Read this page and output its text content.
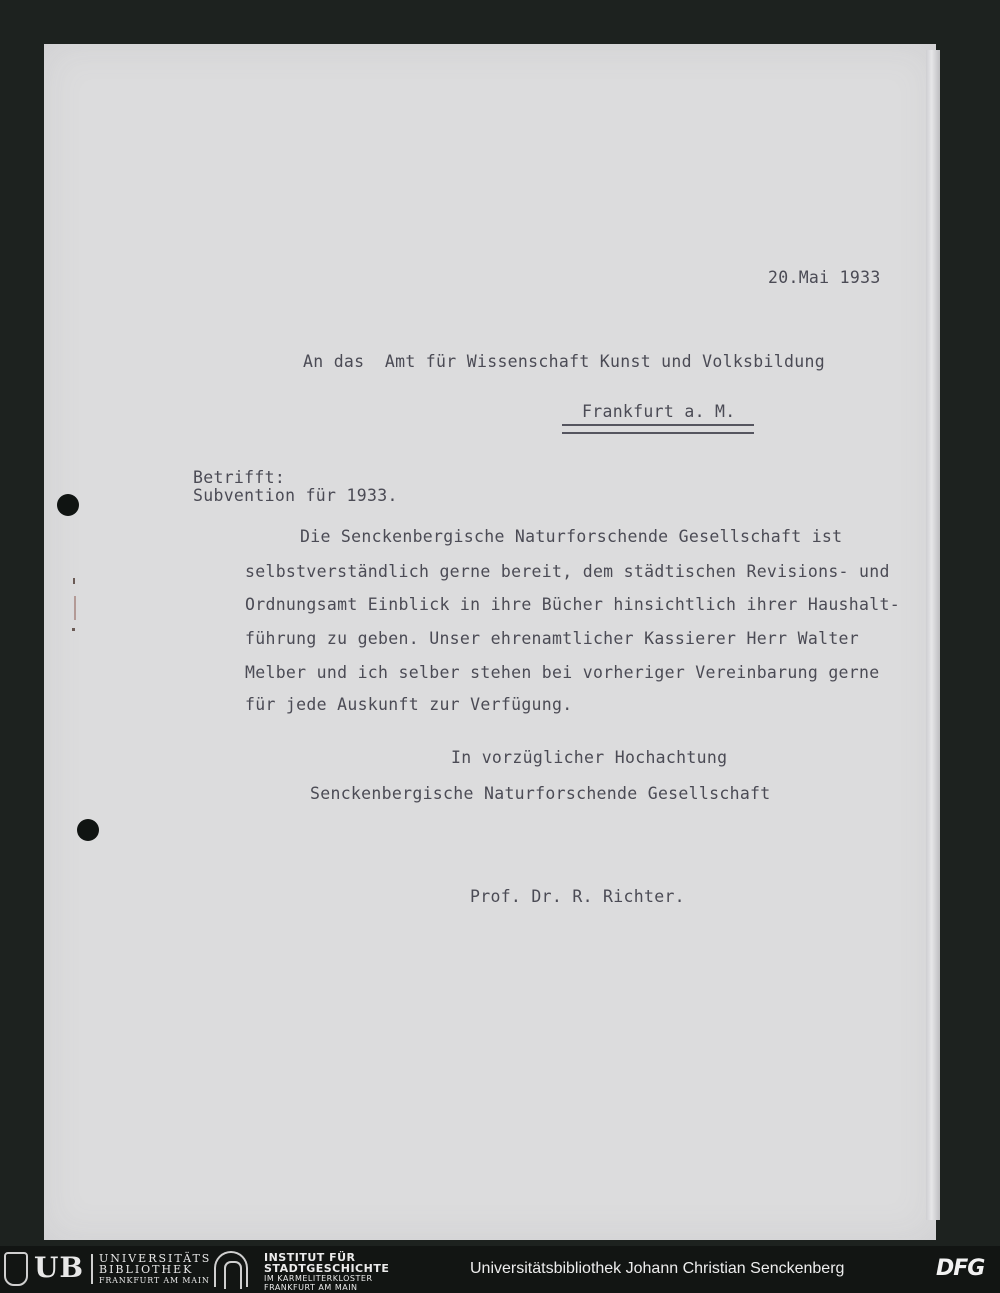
20.Mai 1933
An das  Amt für Wissenschaft Kunst und Volksbildung
Frankfurt a. M.
Betrifft:
Subvention für 1933.
Die Senckenbergische Naturforschende Gesellschaft ist
selbstverständlich gerne bereit, dem städtischen Revisions- und
Ordnungsamt Einblick in ihre Bücher hinsichtlich ihrer Haushalt-
führung zu geben. Unser ehrenamtlicher Kassierer Herr Walter
Melber und ich selber stehen bei vorheriger Vereinbarung gerne
für jede Auskunft zur Verfügung.
In vorzüglicher Hochachtung
Senckenbergische Naturforschende Gesellschaft
Prof. Dr. R. Richter.
UB UNIVERSITÄTS
BIBLIOTHEK
FRANKFURT AM MAIN
INSTITUT FÜR
STADTGESCHICHTE
IM KARMELITERKLOSTER
FRANKFURT AM MAIN
Universitätsbibliothek Johann Christian Senckenberg	DFG
